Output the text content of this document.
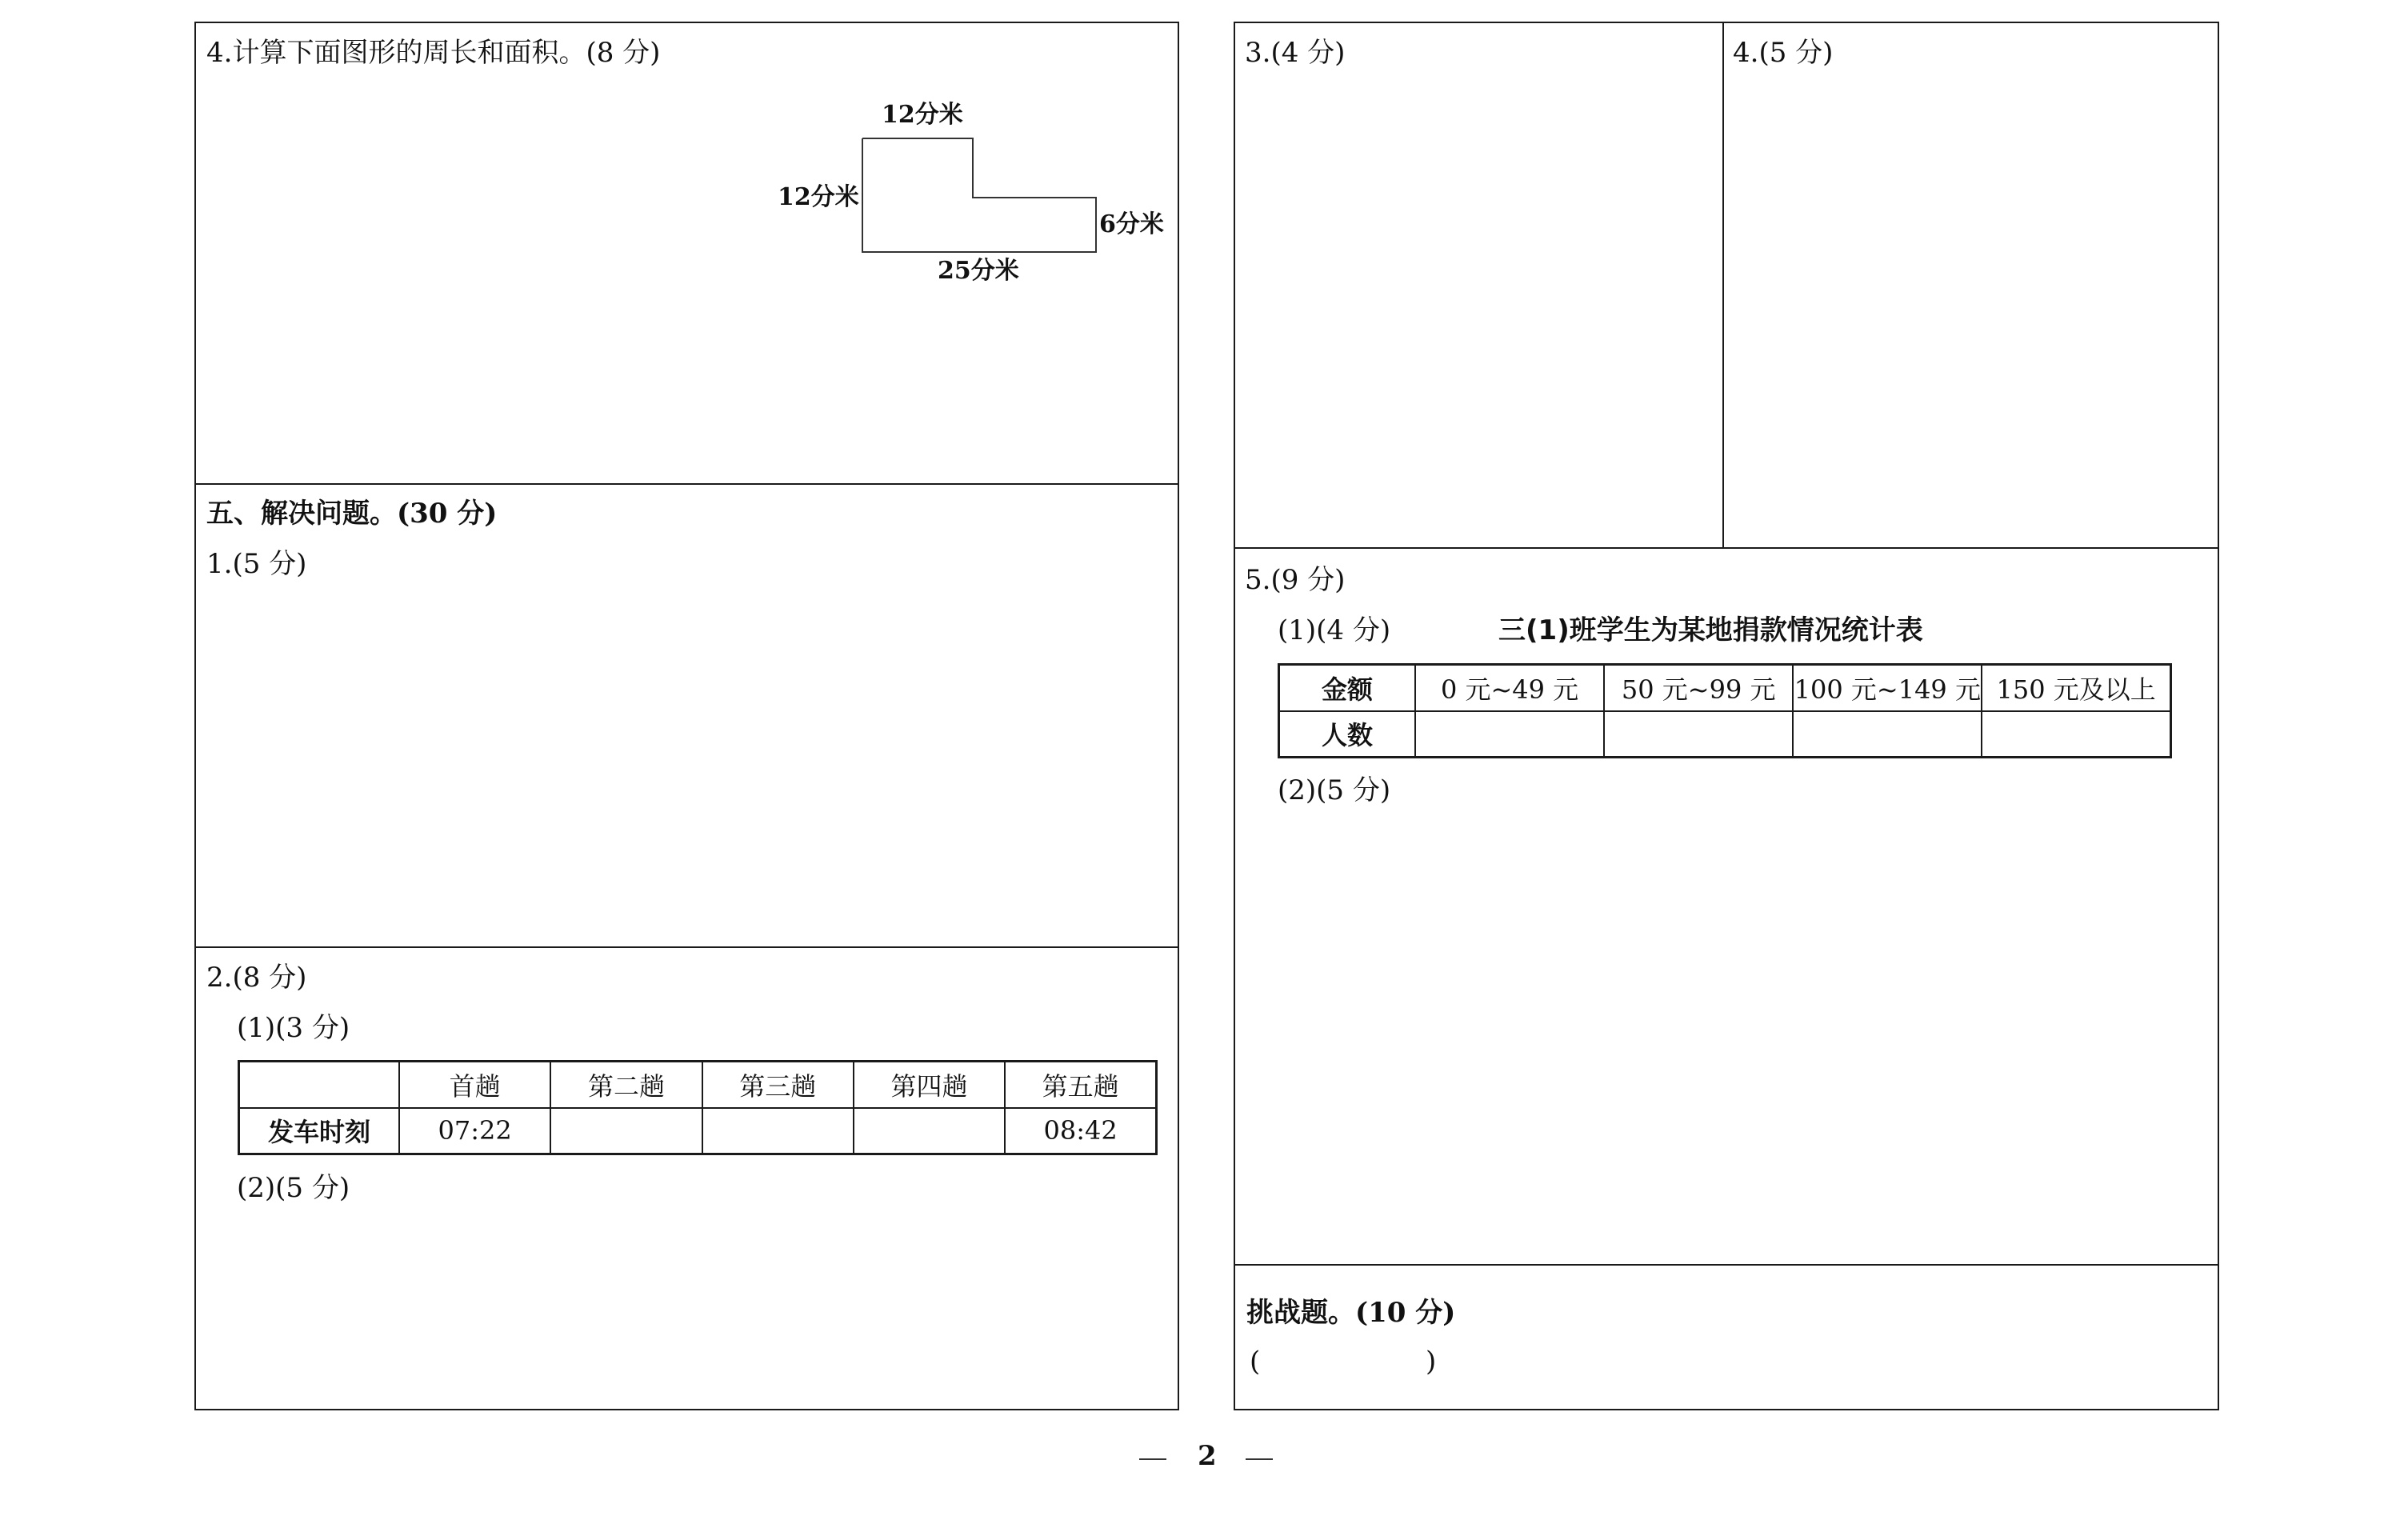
4.计算下面图形的周长和面积。(8 分)
12分米
12分米
6分米
25分米
五、解决问题。(30 分)
1.(5 分)
2.(8 分)
(1)(3 分)
	首趟	第二趟	第三趟	第四趟	第五趟
发车时刻	07:22				08:42
(2)(5 分)
3.(4 分)	4.(5 分)
5.(9 分)
(1)(4 分)	三(1)班学生为某地捐款情况统计表
金额	0 元~49 元	50 元~99 元	100 元~149 元	150 元及以上
人数				
(2)(5 分)
挑战题。(10 分)
(	)
2
